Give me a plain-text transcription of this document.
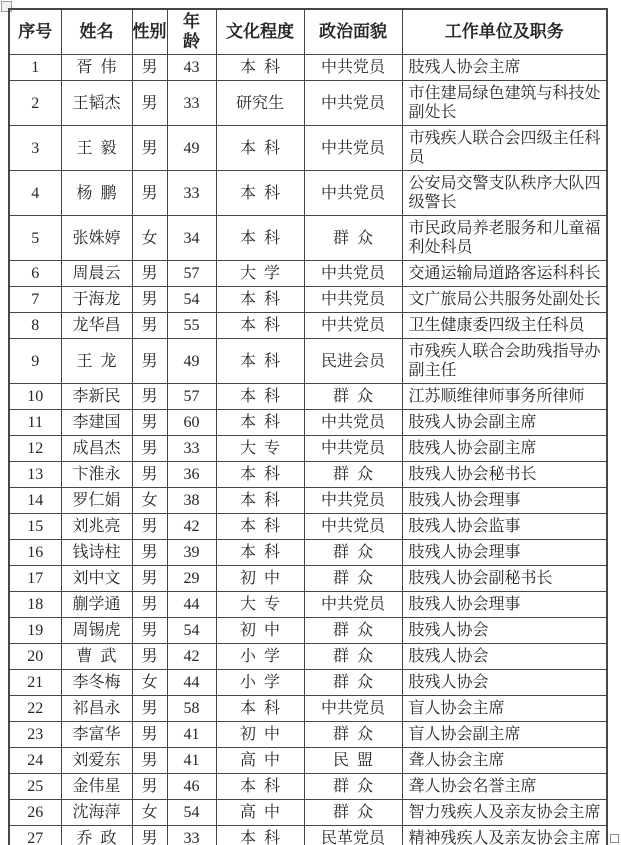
序号	姓名	性别	年龄	文化程度	政治面貌	工作单位及职务
1	胥  伟	男	43	本  科	中共党员	肢残人协会主席
2	王韬杰	男	33	研究生	中共党员	市住建局绿色建筑与科技处副处长
3	王  毅	男	49	本  科	中共党员	市残疾人联合会四级主任科员
4	杨  鹏	男	33	本  科	中共党员	公安局交警支队秩序大队四级警长
5	张姝婷	女	34	本  科	群  众	市民政局养老服务和儿童福利处科员
6	周晨云	男	57	大  学	中共党员	交通运输局道路客运科科长
7	于海龙	男	54	本  科	中共党员	文广旅局公共服务处副处长
8	龙华昌	男	55	本  科	中共党员	卫生健康委四级主任科员
9	王  龙	男	49	本  科	民进会员	市残疾人联合会助残指导办副主任
10	李新民	男	57	本  科	群  众	江苏顺维律师事务所律师
11	李建国	男	60	本  科	中共党员	肢残人协会副主席
12	成昌杰	男	33	大  专	中共党员	肢残人协会副主席
13	卞淮永	男	36	本  科	群  众	肢残人协会秘书长
14	罗仁娟	女	38	本  科	中共党员	肢残人协会理事
15	刘兆亮	男	42	本  科	中共党员	肢残人协会监事
16	钱诗柱	男	39	本  科	群  众	肢残人协会理事
17	刘中文	男	29	初  中	群  众	肢残人协会副秘书长
18	蒯学通	男	44	大  专	中共党员	肢残人协会理事
19	周锡虎	男	54	初  中	群  众	肢残人协会
20	曹  武	男	42	小  学	群  众	肢残人协会
21	李冬梅	女	44	小  学	群  众	肢残人协会
22	祁昌永	男	58	本  科	中共党员	盲人协会主席
23	李富华	男	41	初  中	群  众	盲人协会副主席
24	刘爱东	男	41	高  中	民  盟	聋人协会主席
25	金伟星	男	46	本  科	群  众	聋人协会名誉主席
26	沈海萍	女	54	高  中	群  众	智力残疾人及亲友协会主席
27	乔  政	男	33	本  科	民革党员	精神残疾人及亲友协会主席
